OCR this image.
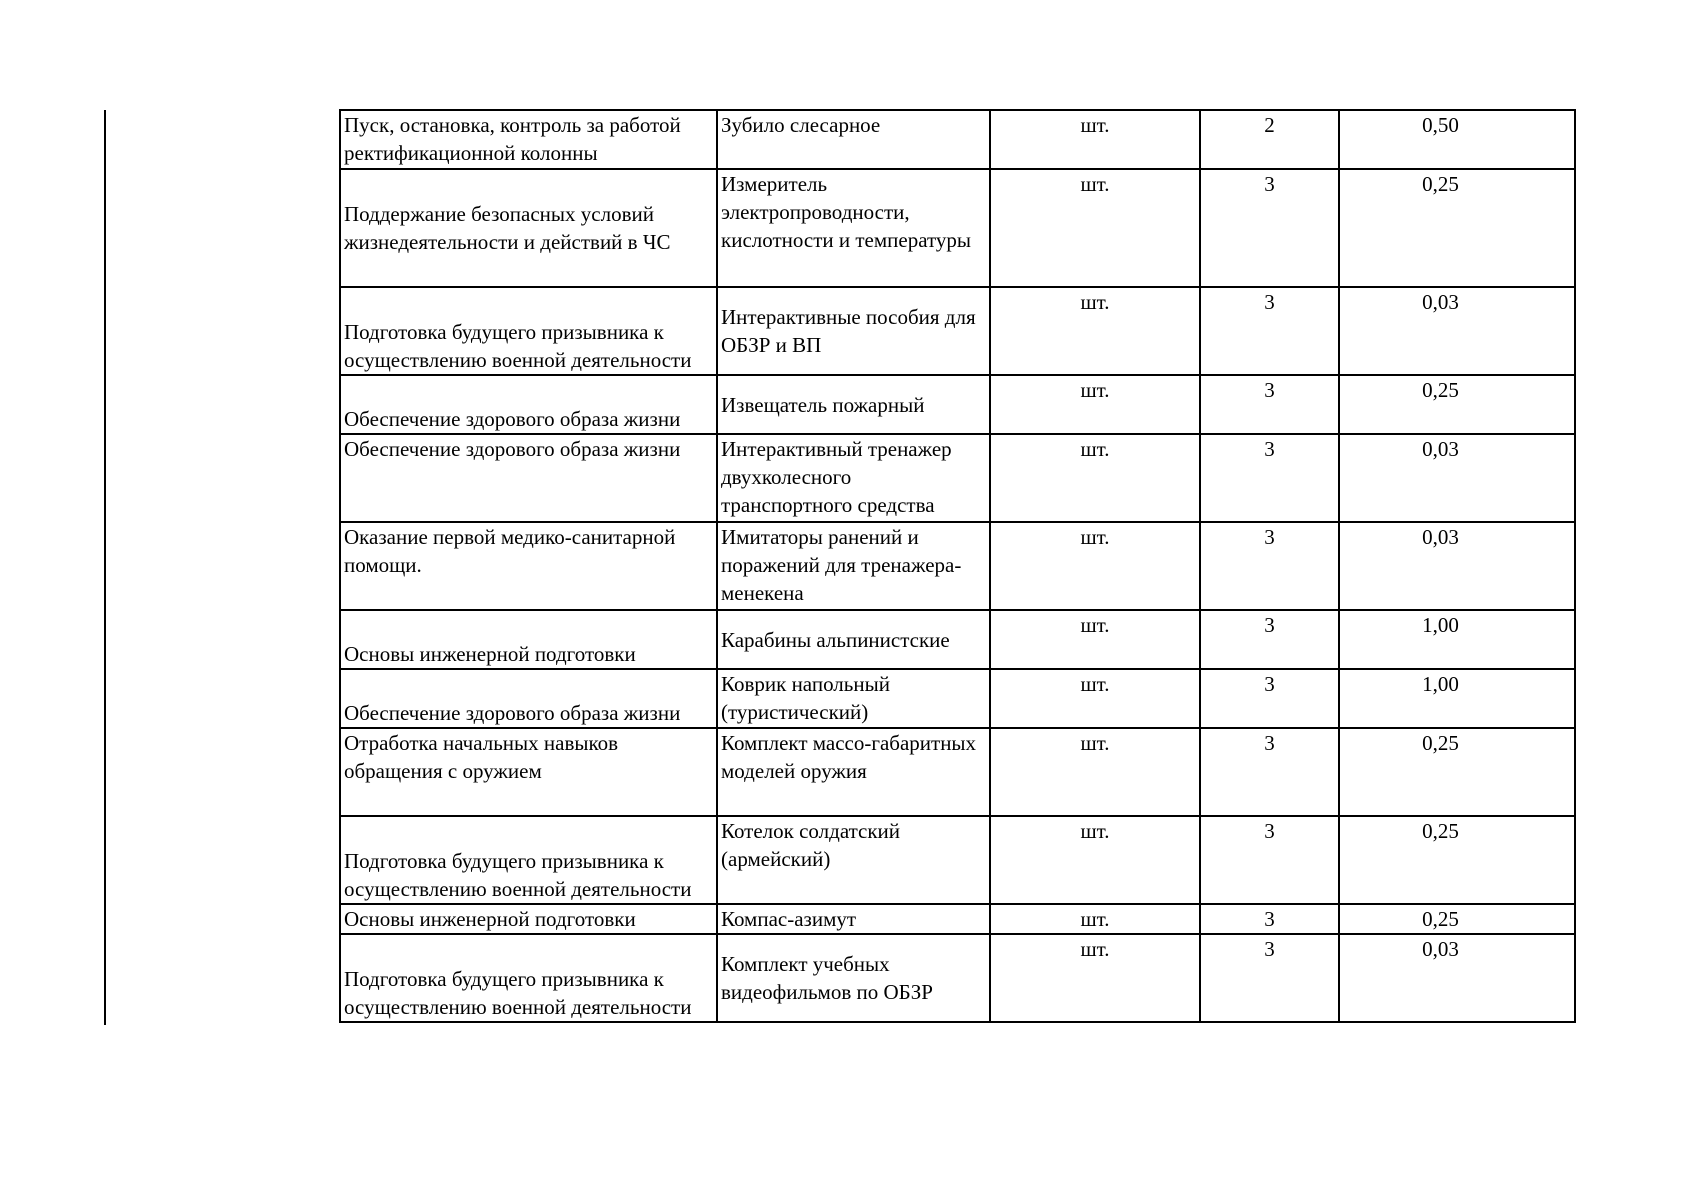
Пуск, остановка, контроль за работой ректификационной колонны	Зубило слесарное	шт.	2	0,50
Поддержание безопасных условий жизнедеятельности и действий в ЧС	Измеритель электропроводности, кислотности и температуры	шт.	3	0,25
Подготовка будущего призывника к осуществлению военной деятельности	Интерактивные пособия для ОБЗР и ВП	шт.	3	0,03
Обеспечение здорового образа жизни	Извещатель пожарный	шт.	3	0,25
Обеспечение здорового образа жизни	Интерактивный тренажер двухколесного транспортного средства	шт.	3	0,03
Оказание первой медико-санитарной помощи.	Имитаторы ранений и поражений для тренажера-менекена	шт.	3	0,03
Основы инженерной подготовки	Карабины альпинистские	шт.	3	1,00
Обеспечение здорового образа жизни	Коврик напольный (туристический)	шт.	3	1,00
Отработка начальных навыков обращения с оружием	Комплект массо-габаритных моделей оружия	шт.	3	0,25
Подготовка будущего призывника к осуществлению военной деятельности	Котелок солдатский (армейский)	шт.	3	0,25
Основы инженерной подготовки	Компас-азимут	шт.	3	0,25
Подготовка будущего призывника к осуществлению военной деятельности	Комплект учебных видеофильмов по ОБЗР	шт.	3	0,03
